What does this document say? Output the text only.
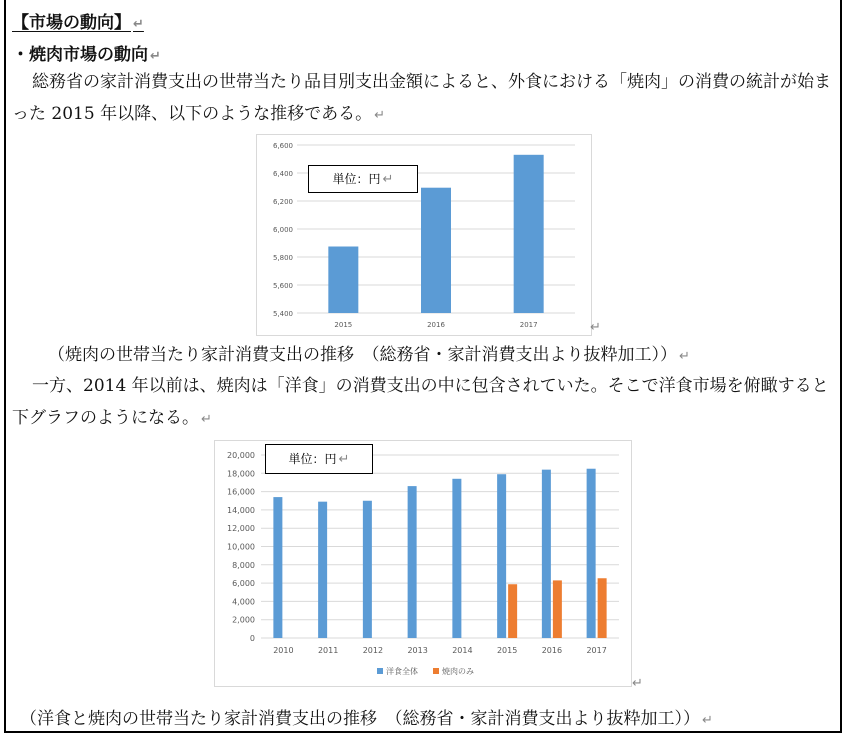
【市場の動向】 ↵
・焼肉市場の動向 ↵
総務省の家計消費支出の世帯当たり品目別支出金額によると、外食における「焼肉」の消費の統計が始まった 2015 年以降、以下のような推移である。 ↵
5,400
5,600
5,800
6,000
6,200
6,400
6,600
2015	2016	2017
単位：円 ↵
↵
（焼肉の世帯当たり家計消費支出の推移　（総務省・家計消費支出より抜粋加工）） ↵
一方、2014 年以前は、焼肉は「洋食」の消費支出の中に包含されていた。そこで洋食市場を俯瞰すると下グラフのようになる。 ↵
0
2,000
4,000
6,000
8,000
10,000
12,000
14,000
16,000
18,000
20,000
2010	2011	2012	2013	2014	2015	2016	2017
洋食全体	焼肉のみ
単位：円 ↵
↵
（洋食と焼肉の世帯当たり家計消費支出の推移　（総務省・家計消費支出より抜粋加工）） ↵
